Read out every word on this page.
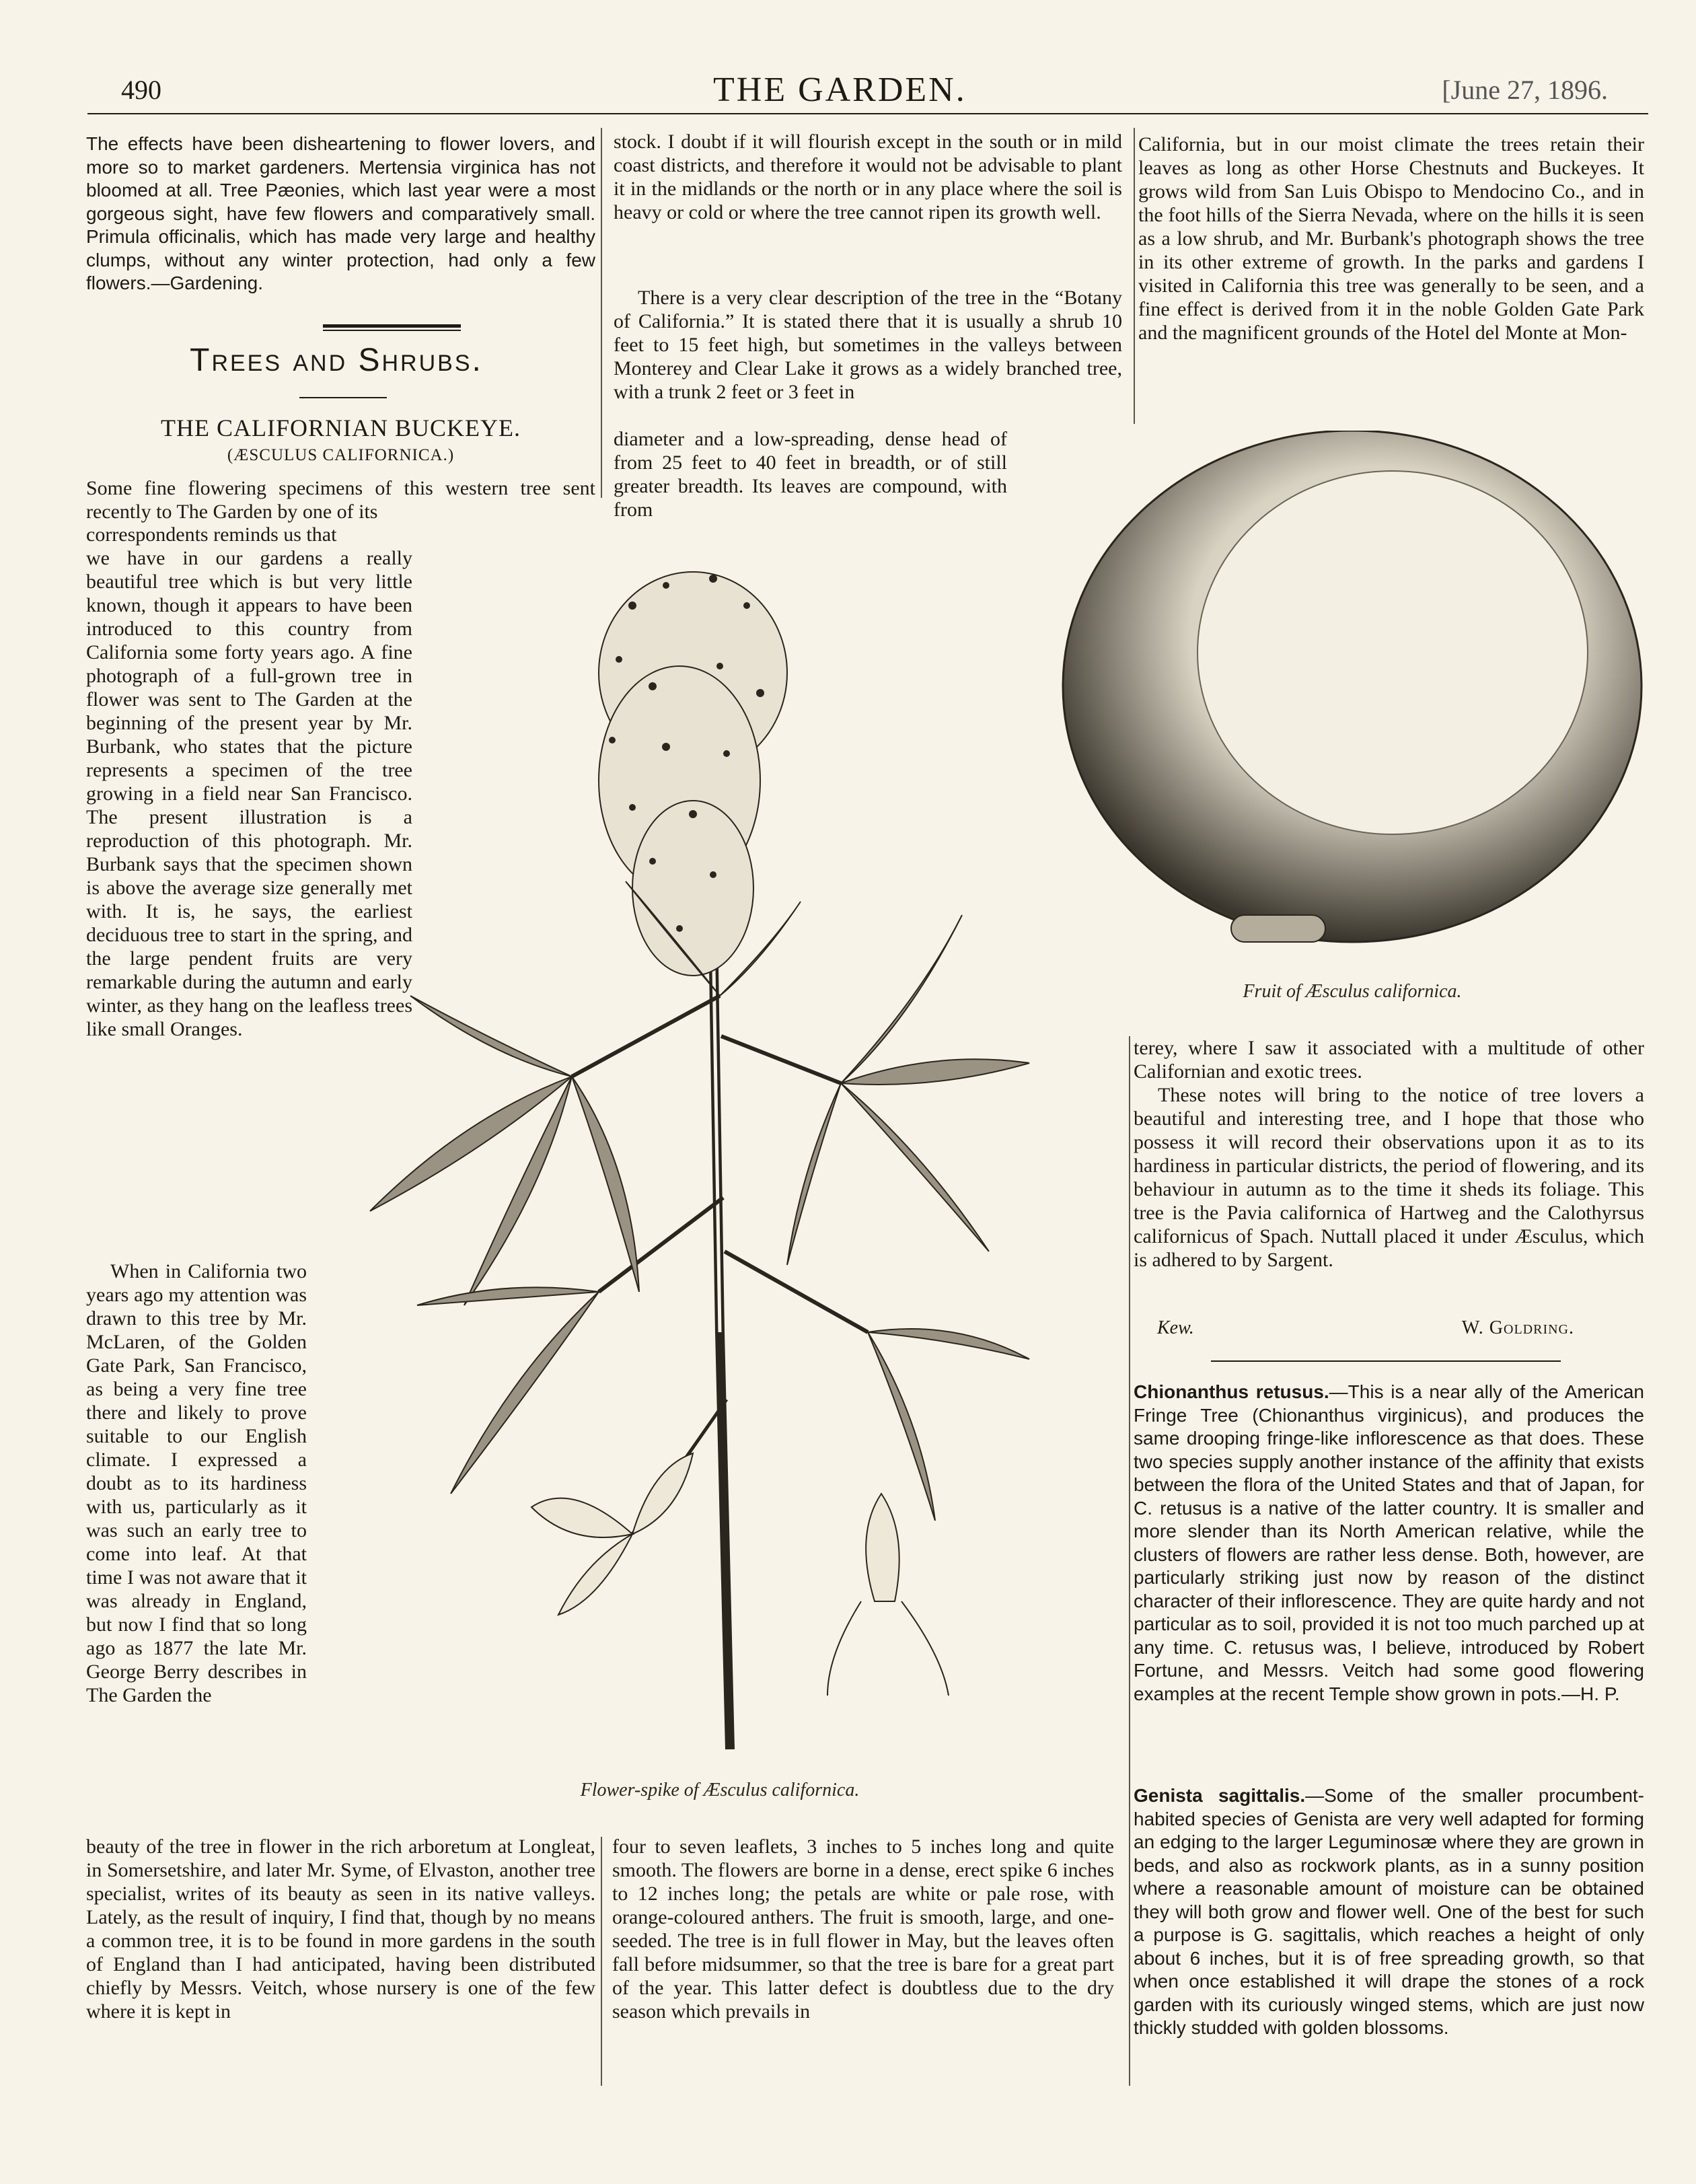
490	THE GARDEN.	[June 27, 1896.

The effects have been disheartening to flower lovers, and more so to market gardeners. Mertensia virginica has not bloomed at all. Tree Pæonies, which last year were a most gorgeous sight, have few flowers and comparatively small. Primula officinalis, which has made very large and healthy clumps, without any winter protection, had only a few flowers.—Gardening.

Trees and Shrubs.
THE CALIFORNIAN BUCKEYE.
(ÆSCULUS CALIFORNICA.)

Some fine flowering specimens of this western tree sent recently to The Garden by one of its

correspondents reminds us that

we have in our gardens a really beautiful tree which is but very little known, though it appears to have been introduced to this country from California some forty years ago. A fine photograph of a full-grown tree in flower was sent to The Garden at the beginning of the present year by Mr. Burbank, who states that the picture represents a specimen of the tree growing in a field near San Francisco. The present illustration is a reproduction of this photograph. Mr. Burbank says that the specimen shown is above the average size generally met with. It is, he says, the earliest deciduous tree to start in the spring, and the large pendent fruits are very remarkable during the autumn and early winter, as they hang on the leafless trees like small Oranges.

When in California two years ago my attention was drawn to this tree by Mr. McLaren, of the Golden Gate Park, San Francisco, as being a very fine tree there and likely to prove suitable to our English climate. I expressed a doubt as to its hardiness with us, particularly as it was such an early tree to come into leaf. At that time I was not aware that it was already in England, but now I find that so long ago as 1877 the late Mr. George Berry describes in The Garden the

beauty of the tree in flower in the rich arboretum at Longleat, in Somersetshire, and later Mr. Syme, of Elvaston, another tree specialist, writes of its beauty as seen in its native valleys. Lately, as the result of inquiry, I find that, though by no means a common tree, it is to be found in more gardens in the south of England than I had anticipated, having been distributed chiefly by Messrs. Veitch, whose nursery is one of the few where it is kept in

stock. I doubt if it will flourish except in the south or in mild coast districts, and therefore it would not be advisable to plant it in the midlands or the north or in any place where the soil is heavy or cold or where the tree cannot ripen its growth well.

There is a very clear description of the tree in the “Botany of California.” It is stated there that it is usually a shrub 10 feet to 15 feet high, but sometimes in the valleys between Monterey and Clear Lake it grows as a widely branched tree, with a trunk 2 feet or 3 feet in

diameter and a low-spreading, dense head of from 25 feet to 40 feet in breadth, or of still greater breadth. Its leaves are compound, with from

four to seven leaflets, 3 inches to 5 inches long and quite smooth. The flowers are borne in a dense, erect spike 6 inches to 12 inches long; the petals are white or pale rose, with orange-coloured anthers. The fruit is smooth, large, and one-seeded. The tree is in full flower in May, but the leaves often fall before midsummer, so that the tree is bare for a great part of the year. This latter defect is doubtless due to the dry season which prevails in

Flower-spike of Æsculus californica.
Fruit of Æsculus californica.

California, but in our moist climate the trees retain their leaves as long as other Horse Chestnuts and Buckeyes. It grows wild from San Luis Obispo to Mendocino Co., and in the foot hills of the Sierra Nevada, where on the hills it is seen as a low shrub, and Mr. Burbank's photograph shows the tree in its other extreme of growth. In the parks and gardens I visited in California this tree was generally to be seen, and a fine effect is derived from it in the noble Golden Gate Park and the magnificent grounds of the Hotel del Monte at Mon-

terey, where I saw it associated with a multitude of other Californian and exotic trees.

These notes will bring to the notice of tree lovers a beautiful and interesting tree, and I hope that those who possess it will record their observations upon it as to its hardiness in particular districts, the period of flowering, and its behaviour in autumn as to the time it sheds its foliage. This tree is the Pavia californica of Hartweg and the Calothyrsus californicus of Spach. Nuttall placed it under Æsculus, which is adhered to by Sargent.

Kew.	W. Goldring.

Chionanthus retusus.—This is a near ally of the American Fringe Tree (Chionanthus virginicus), and produces the same drooping fringe-like inflorescence as that does. These two species supply another instance of the affinity that exists between the flora of the United States and that of Japan, for C. retusus is a native of the latter country. It is smaller and more slender than its North American relative, while the clusters of flowers are rather less dense. Both, however, are particularly striking just now by reason of the distinct character of their inflorescence. They are quite hardy and not particular as to soil, provided it is not too much parched up at any time. C. retusus was, I believe, introduced by Robert Fortune, and Messrs. Veitch had some good flowering examples at the recent Temple show grown in pots.—H. P.

Genista sagittalis.—Some of the smaller procumbent-habited species of Genista are very well adapted for forming an edging to the larger Leguminosæ where they are grown in beds, and also as rockwork plants, as in a sunny position where a reasonable amount of moisture can be obtained they will both grow and flower well. One of the best for such a purpose is G. sagittalis, which reaches a height of only about 6 inches, but it is of free spreading growth, so that when once established it will drape the stones of a rock garden with its curiously winged stems, which are just now thickly studded with golden blossoms.
